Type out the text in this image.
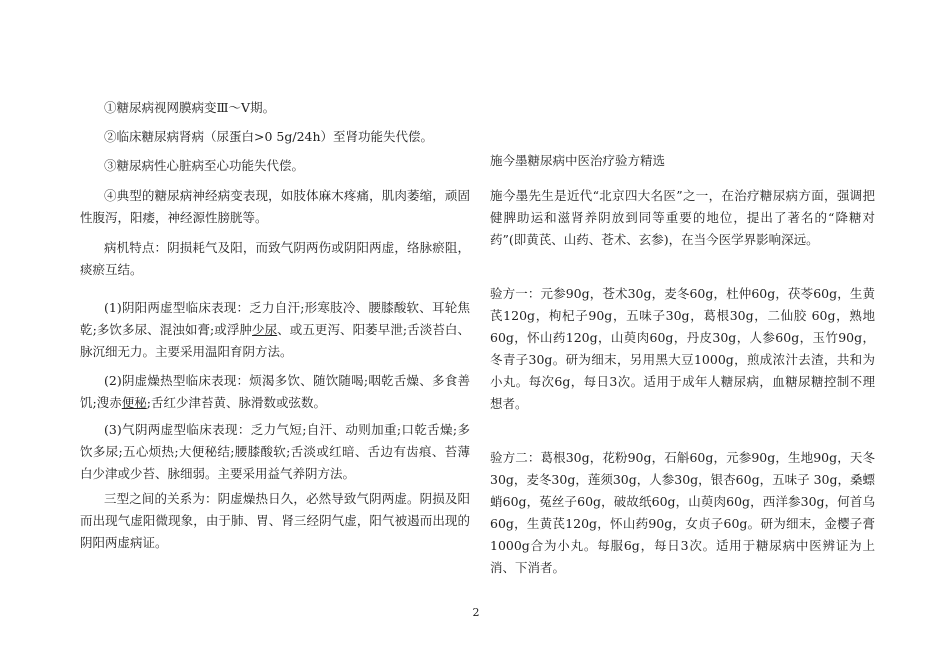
①糖尿病视网膜病变Ⅲ～Ⅴ期。

②临床糖尿病肾病（尿蛋白>0 5g/24h）至肾功能失代偿。

③糖尿病性心脏病至心功能失代偿。

④典型的糖尿病神经病变表现，如肢体麻木疼痛，肌肉萎缩，顽固性腹泻，阳痿，神经源性膀胱等。

病机特点：阴损耗气及阳，而致气阴两伤或阴阳两虚，络脉瘀阻，痰瘀互结。

(1)阴阳两虚型临床表现：乏力自汗;形寒肢冷、腰膝酸软、耳轮焦乾;多饮多尿、混浊如膏;或浮肿少尿、或五更泻、阳萎早泄;舌淡苔白、脉沉细无力。主要采用温阳育阴方法。

(2)阴虚燥热型临床表现：烦渴多饮、随饮随喝;咽乾舌燥、多食善饥;溲赤便秘;舌红少津苔黄、脉滑数或弦数。

(3)气阴两虚型临床表现：乏力气短;自汗、动则加重;口乾舌燥;多饮多尿;五心烦热;大便秘结;腰膝酸软;舌淡或红暗、舌边有齿痕、苔薄白少津或少苔、脉细弱。主要采用益气养阴方法。

三型之间的关系为：阴虚燥热日久，必然导致气阴两虚。阴损及阳而出现气虚阳微现象，由于肺、胃、肾三经阴气虚，阳气被遏而出现的阴阳两虚病证。

施今墨糖尿病中医治疗验方精选

施今墨先生是近代“北京四大名医”之一，在治疗糖尿病方面，强调把健脾助运和滋肾养阴放到同等重要的地位，提出了著名的“降糖对药”(即黄芪、山药、苍术、玄参)，在当今医学界影响深远。

验方一：元参90g，苍术30g，麦冬60g，杜仲60g，茯苓60g，生黄芪120g，枸杞子90g，五味子30g，葛根30g，二仙胶 60g，熟地60g，怀山药120g，山萸肉60g，丹皮30g，人参60g，玉竹90g，冬青子30g。研为细末，另用黑大豆1000g，煎成浓汁去渣，共和为小丸。每次6g，每日3次。适用于成年人糖尿病，血糖尿糖控制不理想者。

验方二：葛根30g，花粉90g，石斛60g，元参90g，生地90g，天冬30g，麦冬30g，莲须30g，人参30g，银杏60g，五味子 30g，桑螵蛸60g，菟丝子60g，破故纸60g，山萸肉60g，西洋参30g，何首乌60g，生黄芪120g，怀山药90g，女贞子60g。研为细末，金樱子膏1000g合为小丸。每服6g，每日3次。适用于糖尿病中医辨证为上消、下消者。

2
